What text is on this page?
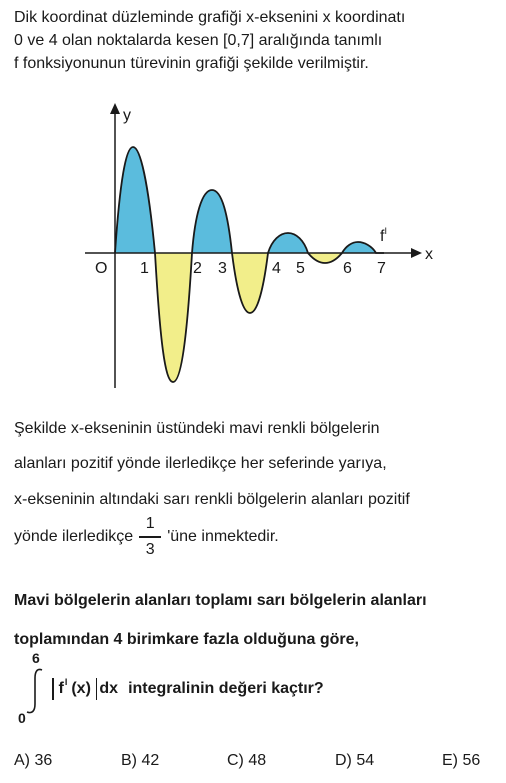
Dik koordinat düzleminde grafiği x-eksenini x koordinatı
0 ve 4 olan noktalarda kesen [0,7] aralığında tanımlı
f fonksiyonunun türevinin grafiği şekilde verilmiştir.
y
x
O 1	2 3	4 5 6 7
$f^I$
Şekilde x-ekseninin üstündeki mavi renkli bölgelerin
alanları pozitif yönde ilerledikçe her seferinde yarıya,
x-ekseninin altındaki sarı renkli bölgelerin alanları pozitif
yönde ilerledikçe $\frac{1}{3}$ 'üne inmektedir.
Mavi bölgelerin alanları toplamı sarı bölgelerin alanları
toplamından 4 birimkare fazla olduğuna göre,
6
0
f I (x) dx integralinin değeri kaçtır?
A) 36	B) 42	C) 48	D) 54	E) 56
